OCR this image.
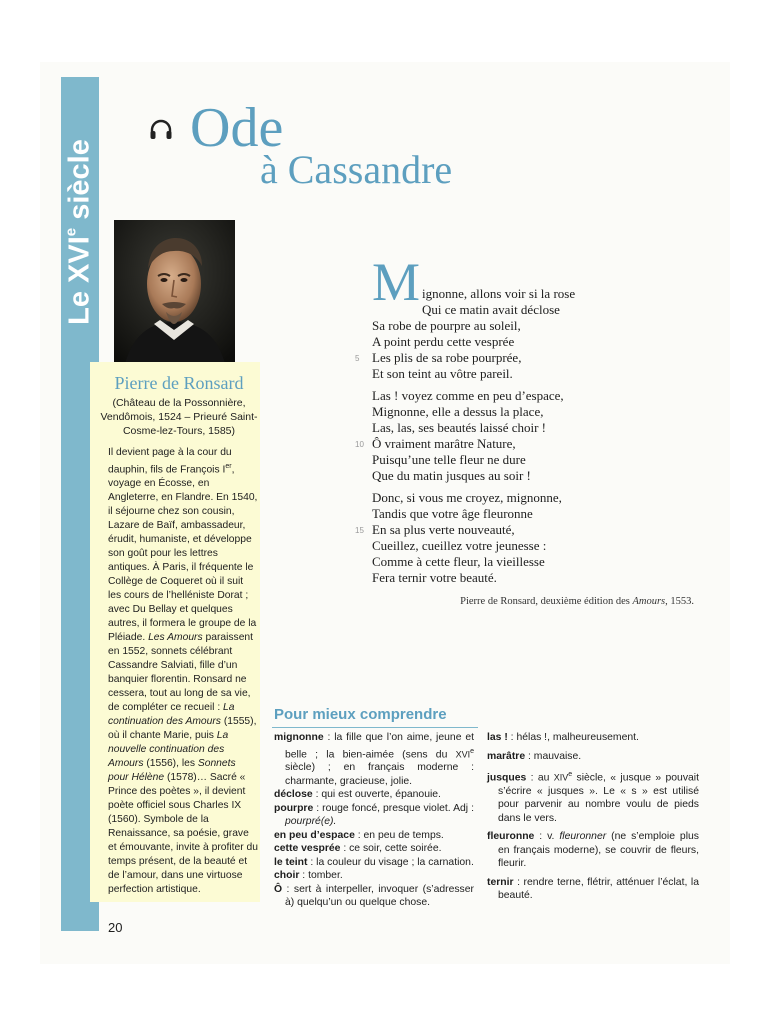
Le XVIe siècle
Ode
à Cassandre
Pierre de Ronsard
(Château de la Possonnière, Vendômois, 1524 – Prieuré Saint-Cosme-lez-Tours, 1585)

Il devient page à la cour du dauphin, fils de François Ier, voyage en Écosse, en Angleterre, en Flandre. En 1540, il séjourne chez son cousin, Lazare de Baïf, ambassadeur, érudit, humaniste, et développe son goût pour les lettres antiques. À Paris, il fréquente le Collège de Coqueret où il suit les cours de l’helléniste Dorat ; avec Du Bellay et quelques autres, il formera le groupe de la Pléiade. Les Amours paraissent en 1552, sonnets célébrant Cassandre Salviati, fille d’un banquier florentin. Ronsard ne cessera, tout au long de sa vie, de compléter ce recueil : La continuation des Amours (1555), où il chante Marie, puis La nouvelle continuation des Amours (1556), les Sonnets pour Hélène (1578)… Sacré « Prince des poètes », il devient poète officiel sous Charles IX (1560). Symbole de la Renaissance, sa poésie, grave et émouvante, invite à profiter du temps présent, de la beauté et de l’amour, dans une virtuose perfection artistique.

M ignonne, allons voir si la rose
Qui ce matin avait déclose
Sa robe de pourpre au soleil,
A point perdu cette vesprée
Les plis de sa robe pourprée,
5
Et son teint au vôtre pareil.
Las ! voyez comme en peu d’espace,
Mignonne, elle a dessus la place,
Las, las, ses beautés laissé choir !
Ô vraiment marâtre Nature,
10
Puisqu’une telle fleur ne dure
Que du matin jusques au soir !
Donc, si vous me croyez, mignonne,
Tandis que votre âge fleuronne
En sa plus verte nouveauté,
15
Cueillez, cueillez votre jeunesse :
Comme à cette fleur, la vieillesse
Fera ternir votre beauté.
Pierre de Ronsard, deuxième édition des Amours, 1553.
Pour mieux comprendre
mignonne : la fille que l’on aime, jeune et belle ; la bien-aimée (sens du XVIe siècle) ; en français moderne : charmante, gracieuse, jolie.
déclose : qui est ouverte, épanouie.
pourpre : rouge foncé, presque violet. Adj : pourpré(e).
en peu d’espace : en peu de temps.
cette vesprée : ce soir, cette soirée.
le teint : la couleur du visage ; la carnation.
choir : tomber.
Ô : sert à interpeller, invoquer (s’adresser à) quelqu’un ou quelque chose.
las ! : hélas !, malheureusement.
marâtre : mauvaise.
jusques : au XIVe siècle, « jusque » pouvait s’écrire « jusques ». Le « s » est utilisé pour parvenir au nombre voulu de pieds dans le vers.
fleuronne : v. fleuronner (ne s’emploie plus en français moderne), se couvrir de fleurs, fleurir.
ternir : rendre terne, flétrir, atténuer l’éclat, la beauté.
20
